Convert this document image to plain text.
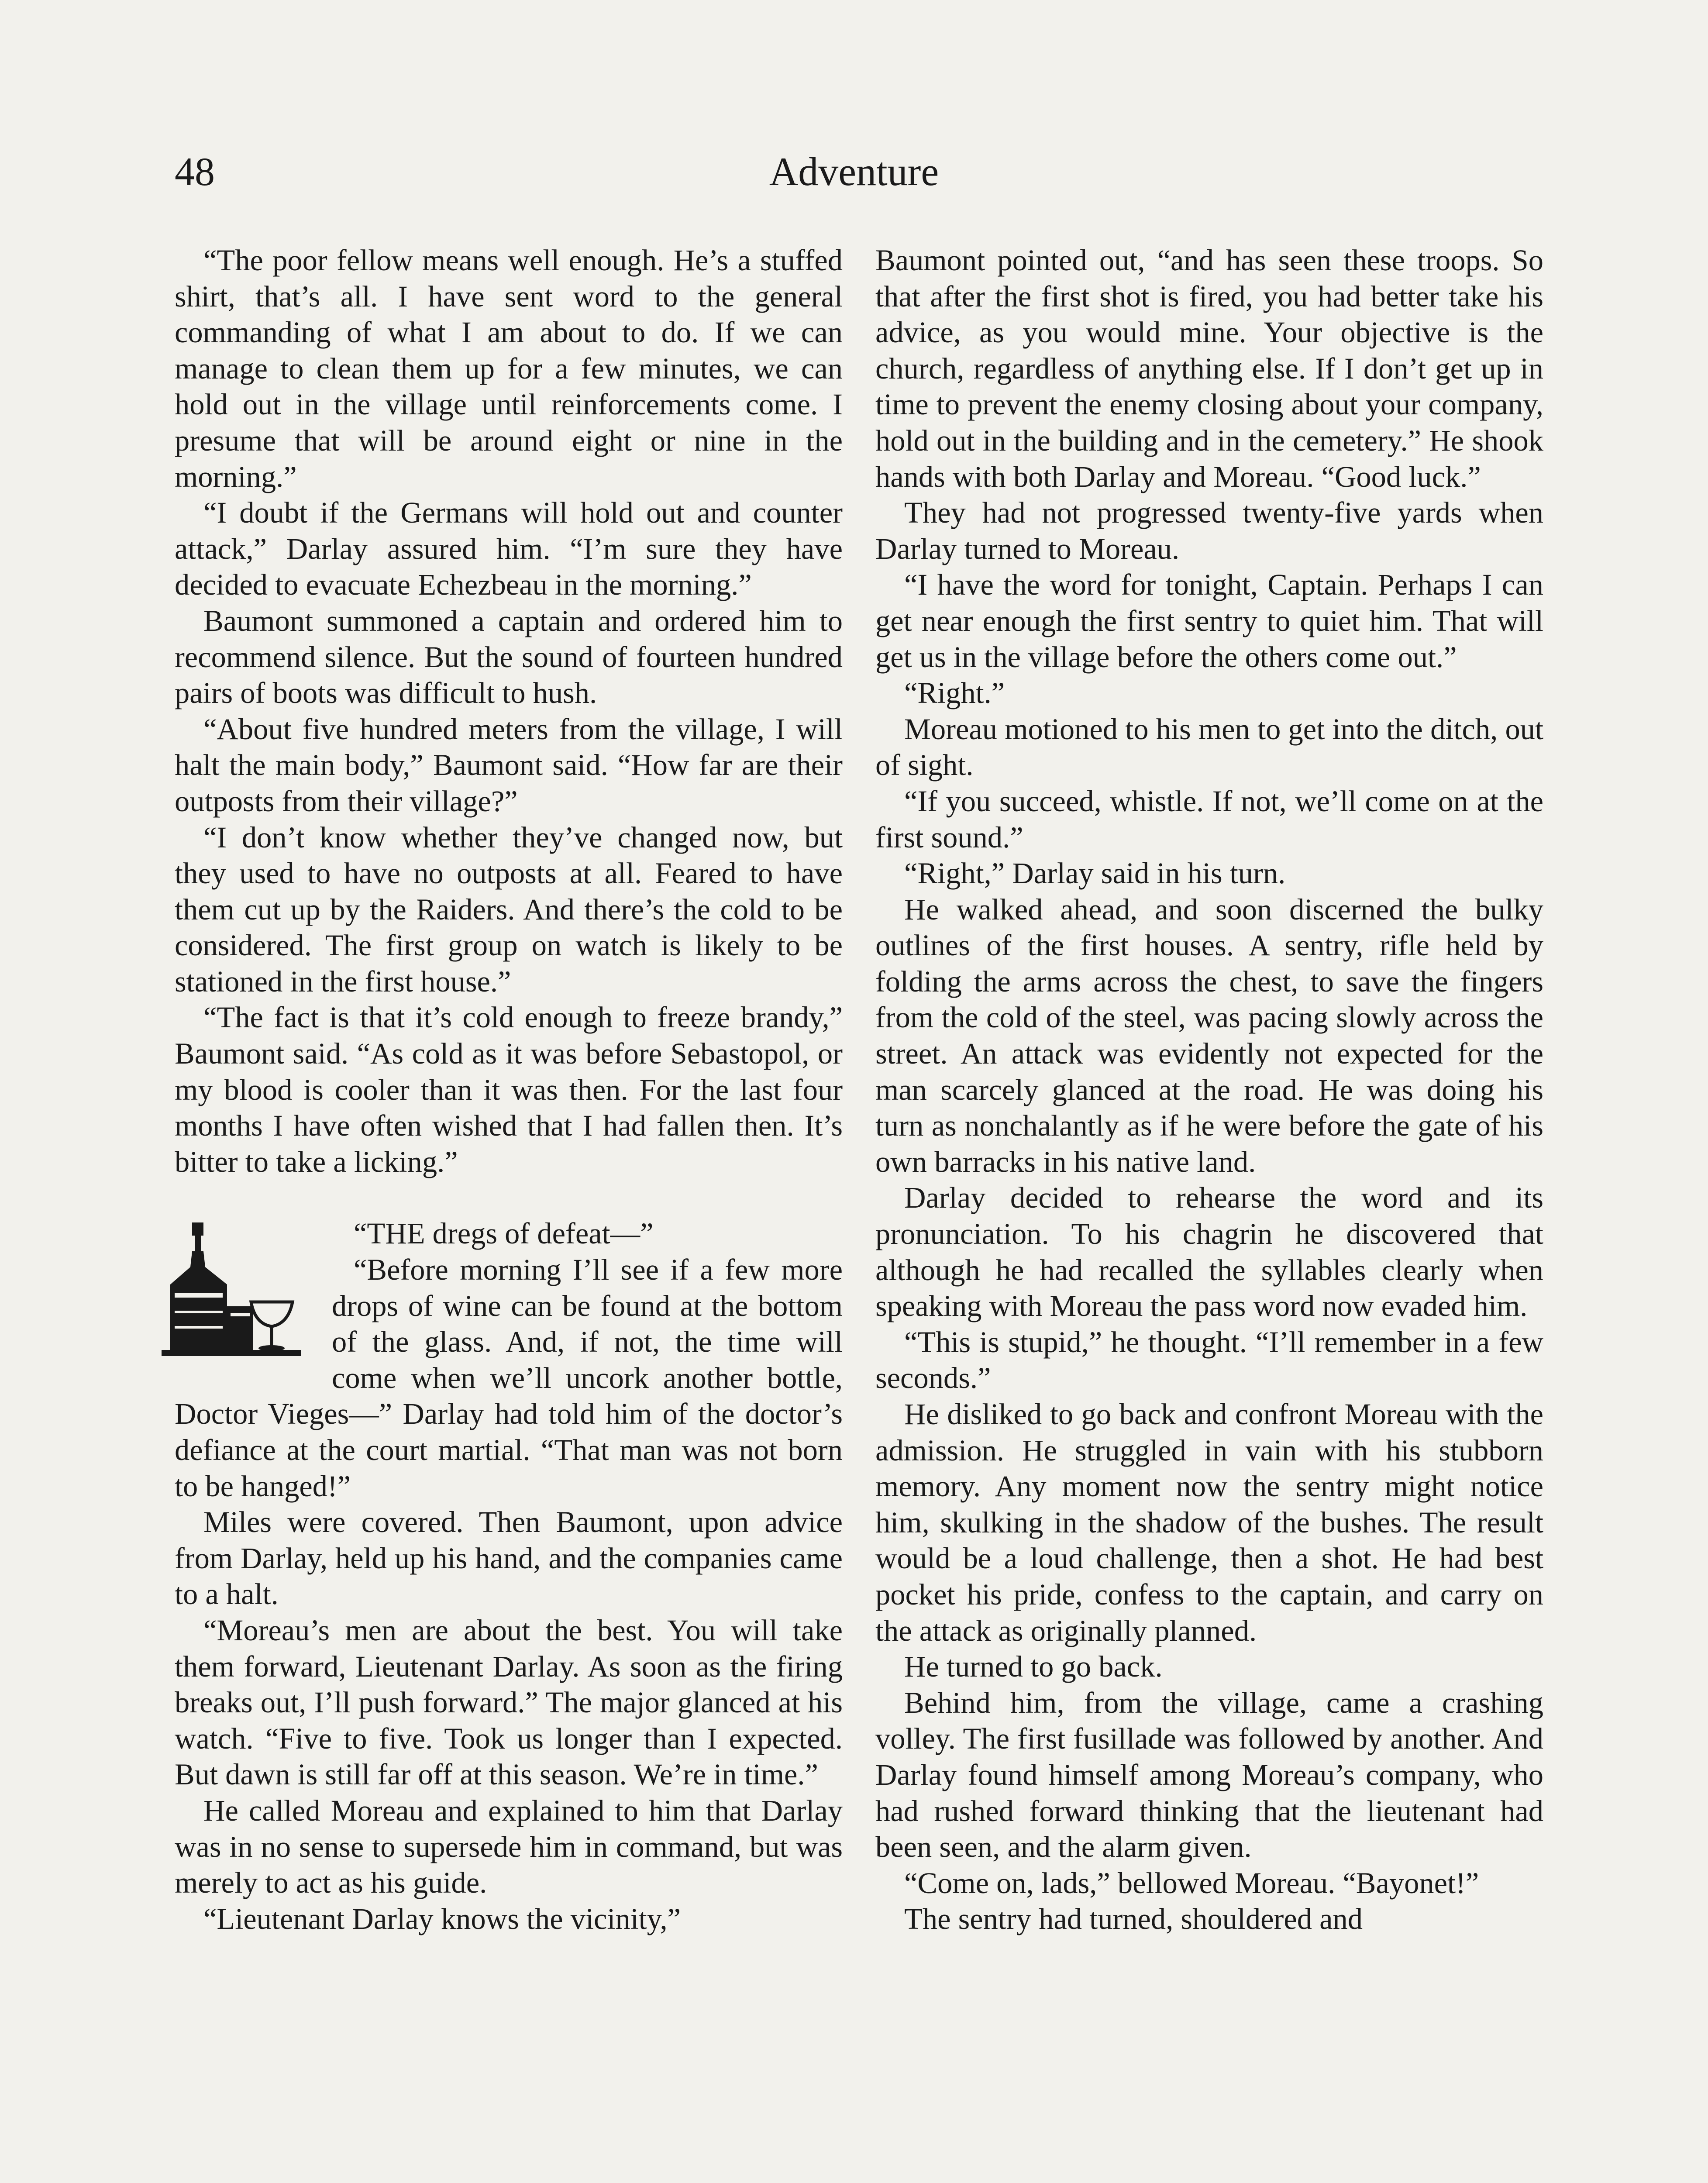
48	Adventure

“The poor fellow means well enough. He’s a stuffed shirt, that’s all. I have sent word to the general commanding of what I am about to do. If we can manage to clean them up for a few minutes, we can hold out in the village until reinforcements come. I presume that will be around eight or nine in the morning.”

“I doubt if the Germans will hold out and counter attack,” Darlay assured him. “I’m sure they have decided to evacuate Echezbeau in the morning.”

Baumont summoned a captain and ordered him to recommend silence. But the sound of fourteen hundred pairs of boots was difficult to hush.

“About five hundred meters from the village, I will halt the main body,” Baumont said. “How far are their outposts from their village?”

“I don’t know whether they’ve changed now, but they used to have no outposts at all. Feared to have them cut up by the Raiders. And there’s the cold to be considered. The first group on watch is likely to be stationed in the first house.”

“The fact is that it’s cold enough to freeze brandy,” Baumont said. “As cold as it was before Sebastopol, or my blood is cooler than it was then. For the last four months I have often wished that I had fallen then. It’s bitter to take a licking.”

“THE dregs of defeat—”

“Before morning I’ll see if a few more drops of wine can be found at the bottom of the glass. And, if not, the time will come when we’ll uncork another bottle, Doctor Vieges—” Darlay had told him of the doctor’s defiance at the court martial. “That man was not born to be hanged!”

Miles were covered. Then Baumont, upon advice from Darlay, held up his hand, and the companies came to a halt.

“Moreau’s men are about the best. You will take them forward, Lieutenant Darlay. As soon as the firing breaks out, I’ll push forward.” The major glanced at his watch. “Five to five. Took us longer than I expected. But dawn is still far off at this season. We’re in time.”

He called Moreau and explained to him that Darlay was in no sense to supersede him in command, but was merely to act as his guide.

“Lieutenant Darlay knows the vicinity,”

Baumont pointed out, “and has seen these troops. So that after the first shot is fired, you had better take his advice, as you would mine. Your objective is the church, regardless of anything else. If I don’t get up in time to prevent the enemy closing about your company, hold out in the building and in the cemetery.” He shook hands with both Darlay and Moreau. “Good luck.”

They had not progressed twenty-five yards when Darlay turned to Moreau.

“I have the word for tonight, Captain. Perhaps I can get near enough the first sentry to quiet him. That will get us in the village before the others come out.”

“Right.”

Moreau motioned to his men to get into the ditch, out of sight.

“If you succeed, whistle. If not, we’ll come on at the first sound.”

“Right,” Darlay said in his turn.

He walked ahead, and soon discerned the bulky outlines of the first houses. A sentry, rifle held by folding the arms across the chest, to save the fingers from the cold of the steel, was pacing slowly across the street. An attack was evidently not expected for the man scarcely glanced at the road. He was doing his turn as nonchalantly as if he were before the gate of his own barracks in his native land.

Darlay decided to rehearse the word and its pronunciation. To his chagrin he discovered that although he had recalled the syllables clearly when speaking with Moreau the pass word now evaded him.

“This is stupid,” he thought. “I’ll remember in a few seconds.”

He disliked to go back and confront Moreau with the admission. He struggled in vain with his stubborn memory. Any moment now the sentry might notice him, skulking in the shadow of the bushes. The result would be a loud challenge, then a shot. He had best pocket his pride, confess to the captain, and carry on the attack as originally planned.

He turned to go back.

Behind him, from the village, came a crashing volley. The first fusillade was followed by another. And Darlay found himself among Moreau’s company, who had rushed forward thinking that the lieutenant had been seen, and the alarm given.

“Come on, lads,” bellowed Moreau. “Bayonet!”

The sentry had turned, shouldered and
